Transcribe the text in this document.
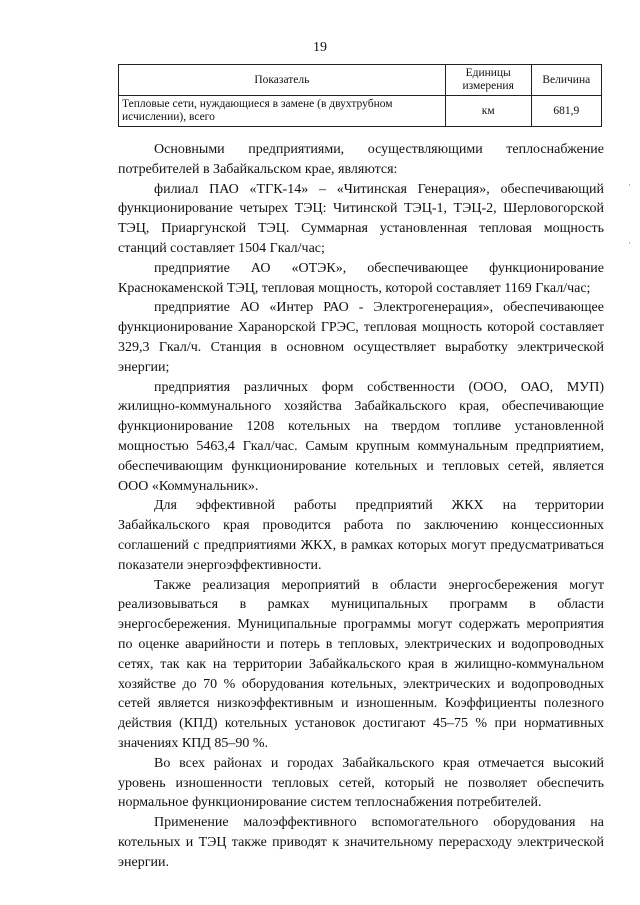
19
Показатель	Единицы измерения	Величина
Тепловые сети, нуждающиеся в замене (в двухтрубном исчислении), всего	км	681,9

Основными предприятиями, осуществляющими теплоснабжение потребителей в Забайкальском крае, являются:

филиал ПАО «ТГК-14» – «Читинская Генерация», обеспечивающий функционирование четырех ТЭЦ: Читинской ТЭЦ-1, ТЭЦ-2, Шерловогорской ТЭЦ, Приаргунской ТЭЦ. Суммарная установленная тепловая мощность станций составляет 1504 Гкал/час;

предприятие АО «ОТЭК», обеспечивающее функционирование Краснокаменской ТЭЦ, тепловая мощность, которой составляет 1169 Гкал/час;

предприятие АО «Интер РАО - Электрогенерация», обеспечивающее функционирование Харанорской ГРЭС, тепловая мощность которой составляет 329,3 Гкал/ч. Станция в основном осуществляет выработку электрической энергии;

предприятия различных форм собственности (ООО, ОАО, МУП) жилищно-коммунального хозяйства Забайкальского края, обеспечивающие функционирование 1208 котельных на твердом топливе установленной мощностью 5463,4 Гкал/час. Самым крупным коммунальным предприятием, обеспечивающим функционирование котельных и тепловых сетей, является ООО «Коммунальник».

Для эффективной работы предприятий ЖКХ на территории Забайкальского края проводится работа по заключению концессионных соглашений с предприятиями ЖКХ, в рамках которых могут предусматриваться показатели энергоэффективности.

Также реализация мероприятий в области энергосбережения могут реализовываться в рамках муниципальных программ в области энергосбережения. Муниципальные программы могут содержать мероприятия по оценке аварийности и потерь в тепловых, электрических и водопроводных сетях, так как на территории Забайкальского края в жилищно-коммунальном хозяйстве до 70 % оборудования котельных, электрических и водопроводных сетей является низкоэффективным и изношенным. Коэффициенты полезного действия (КПД) котельных установок достигают 45–75 % при нормативных значениях КПД 85–90 %.

Во всех районах и городах Забайкальского края отмечается высокий уровень изношенности тепловых сетей, который не позволяет обеспечить нормальное функционирование систем теплоснабжения потребителей.

Применение малоэффективного вспомогательного оборудования на котельных и ТЭЦ также приводят к значительному перерасходу электрической энергии.

·
·
